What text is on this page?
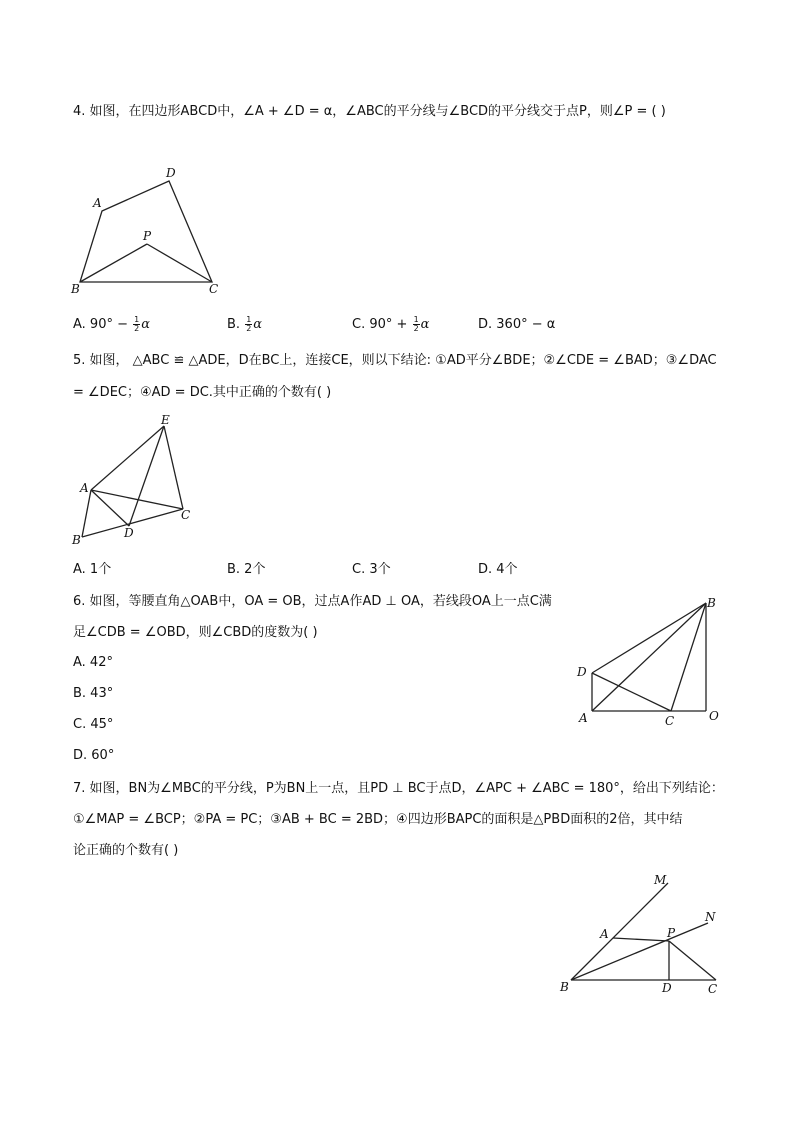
4. 如图，在四边形ABCD中，∠A + ∠D = α，∠ABC的平分线与∠BCD的平分线交于点P，则∠P = ( )
A
B	C
D
P
A. $90^\circ - \frac{1}{2}$ α	B. $\frac{1}{2}$ α	C. $90^\circ + \frac{1}{2}$ α	D. 360° − α
5. 如图， △ABC ≌ △ADE，D在BC上，连接CE，则以下结论: ①AD平分∠BDE；②∠CDE = ∠BAD；③∠DAC
= ∠DEC；④AD = DC.其中正确的个数有( )
E
A
C
D
B
A. 1个	B. 2个	C. 3个	D. 4个
6. 如图，等腰直角△OAB中，OA = OB，过点A作AD ⊥ OA，若线段OA上一点C满
足∠CDB = ∠OBD，则∠CBD的度数为( )
A. 42°
B. 43°
C. 45°
D. 60°
B
D
A	C	O
7. 如图，BN为∠MBC的平分线，P为BN上一点，且PD ⊥ BC于点D，∠APC + ∠ABC = 180°，给出下列结论：
①∠MAP = ∠BCP；②PA = PC；③AB + BC = 2BD；④四边形BAPC的面积是△PBD面积的2倍，其中结
论正确的个数有( )
M
N
A	P
B	D	C
